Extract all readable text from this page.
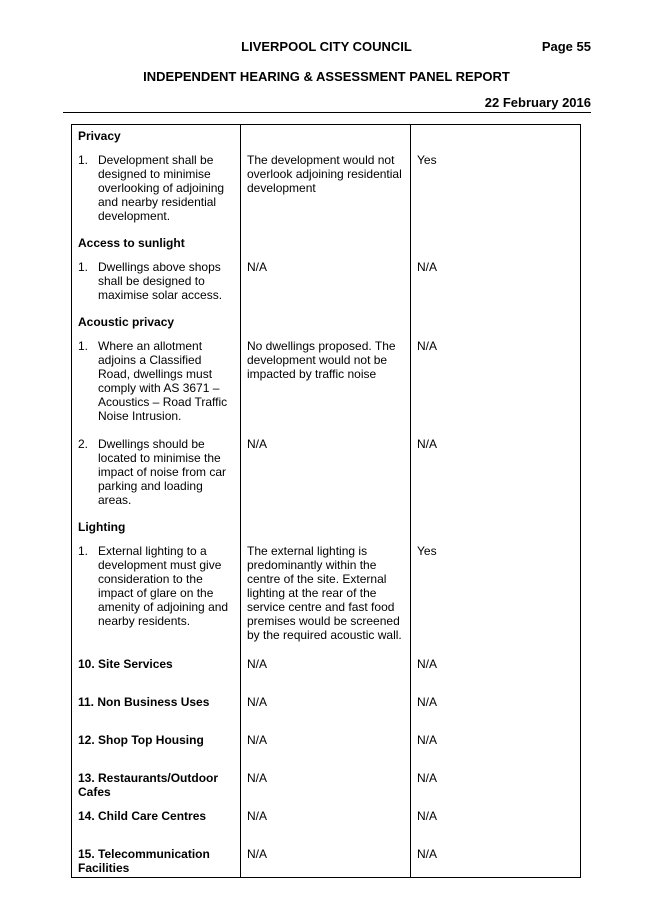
LIVERPOOL CITY COUNCIL	Page 55
INDEPENDENT HEARING & ASSESSMENT PANEL REPORT
22 February 2016
Privacy		

1. Development shall be designed to minimise overlooking of adjoining and nearby residential development.	The development would not overlook adjoining residential development	Yes
Access to sunlight		

1. Dwellings above shops shall be designed to maximise solar access.	N/A	N/A
Acoustic privacy		

1. Where an allotment adjoins a Classified Road, dwellings must comply with AS 3671 – Acoustics – Road Traffic Noise Intrusion.	No dwellings proposed. The development would not be impacted by traffic noise	N/A

2. Dwellings should be located to minimise the impact of noise from car parking and loading areas.	N/A	N/A
Lighting		

1. External lighting to a development must give consideration to the impact of glare on the amenity of adjoining and nearby residents.	The external lighting is predominantly within the centre of the site. External lighting at the rear of the service centre and fast food premises would be screened by the required acoustic wall.	Yes
10. Site Services	N/A	N/A
11. Non Business Uses	N/A	N/A
12. Shop Top Housing	N/A	N/A
13. Restaurants/Outdoor Cafes	N/A	N/A
14. Child Care Centres	N/A	N/A
15. Telecommunication Facilities	N/A	N/A
